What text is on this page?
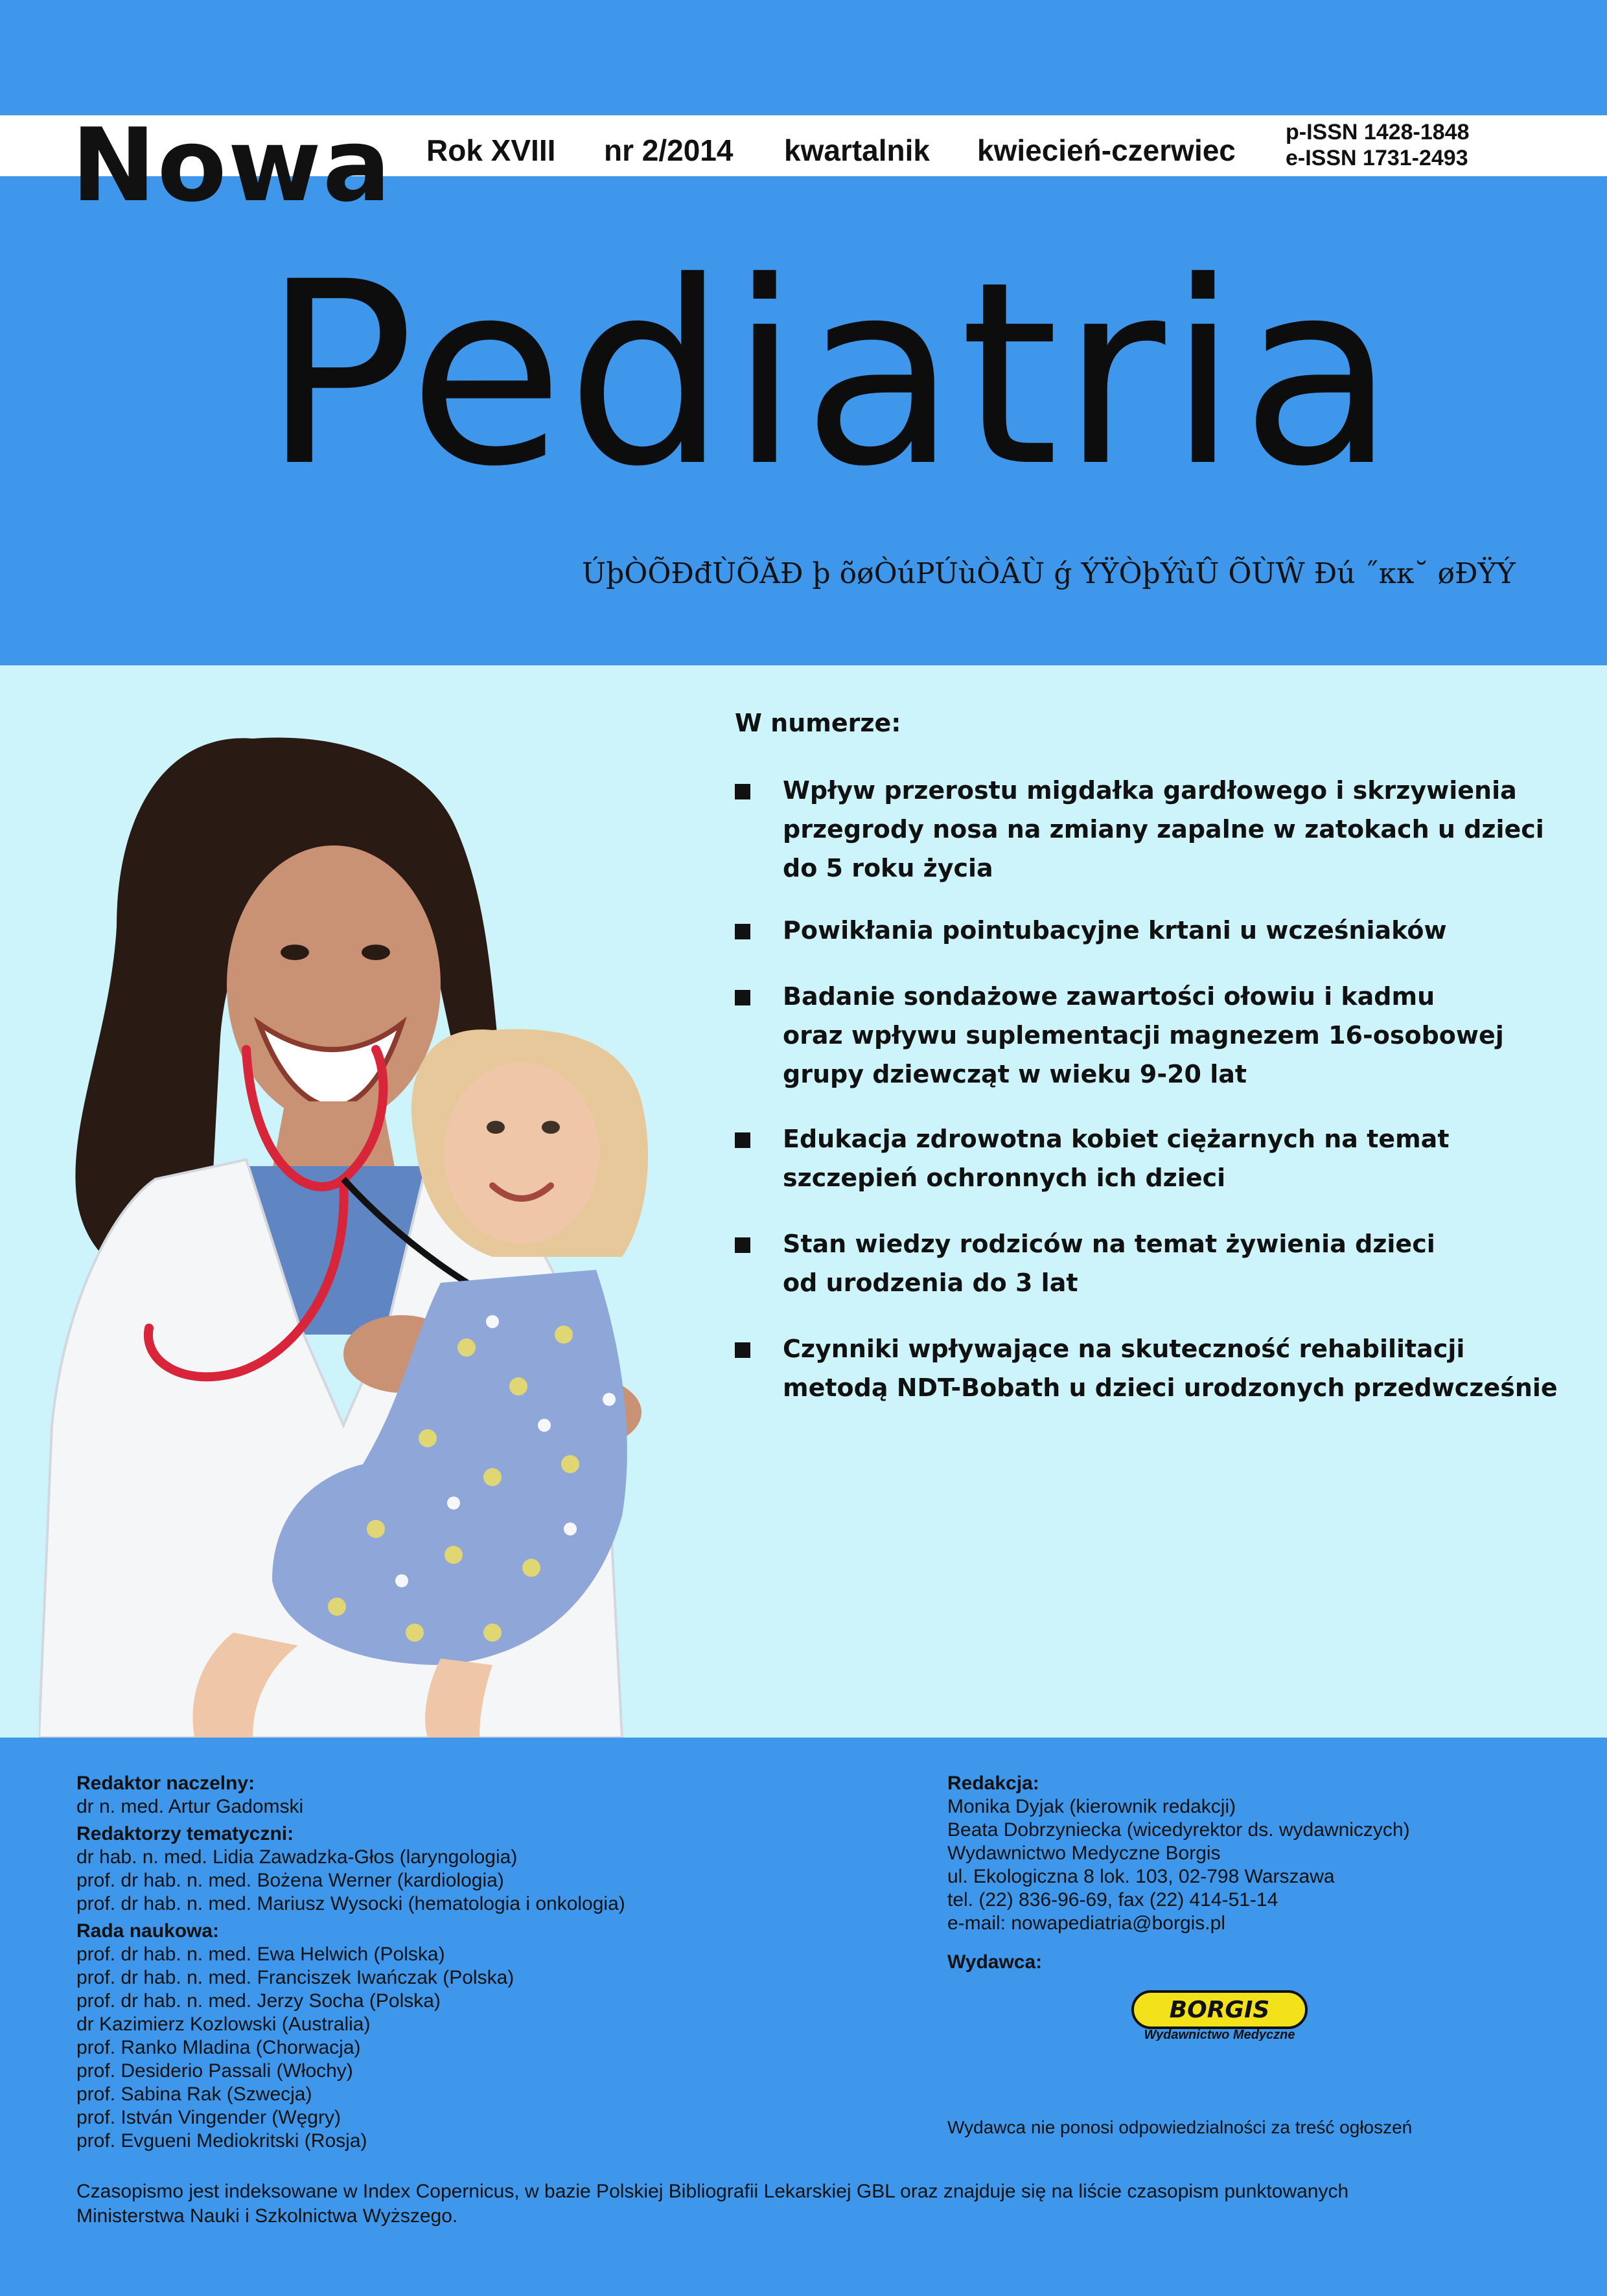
Nowa Rok XVIII nr 2/2014 kwartalnik kwiecień-czerwiec
p-ISSN 1428-1848
e-ISSN 1731-2493
Pediatria
ÚþÒÕĐđÙÕĂĐ þ õøÒúPÚùÒÂÙ ǵ ÝŸÒþÝùÛ ÕÙŴ Đú ˝ᴋᴋ˘ øĐŸÝ
W numerze:
Wpływ przerostu migdałka gardłowego i skrzywienia
przegrody nosa na zmiany zapalne w zatokach u dzieci
do 5 roku życia
Powikłania pointubacyjne krtani u wcześniaków
Badanie sondażowe zawartości ołowiu i kadmu
oraz wpływu suplementacji magnezem 16-osobowej
grupy dziewcząt w wieku 9-20 lat
Edukacja zdrowotna kobiet ciężarnych na temat
szczepień ochronnych ich dzieci
Stan wiedzy rodziców na temat żywienia dzieci
od urodzenia do 3 lat
Czynniki wpływające na skuteczność rehabilitacji
metodą NDT-Bobath u dzieci urodzonych przedwcześnie
Redaktor naczelny:
dr n. med. Artur Gadomski
Redaktorzy tematyczni:
dr hab. n. med. Lidia Zawadzka-Głos (laryngologia)
prof. dr hab. n. med. Bożena Werner (kardiologia)
prof. dr hab. n. med. Mariusz Wysocki (hematologia i onkologia)
Rada naukowa:
prof. dr hab. n. med. Ewa Helwich (Polska)
prof. dr hab. n. med. Franciszek Iwańczak (Polska)
prof. dr hab. n. med. Jerzy Socha (Polska)
dr Kazimierz Kozlowski (Australia)
prof. Ranko Mladina (Chorwacja)
prof. Desiderio Passali (Włochy)
prof. Sabina Rak (Szwecja)
prof. István Vingender (Węgry)
prof. Evgueni Mediokritski (Rosja)
Redakcja:
Monika Dyjak (kierownik redakcji)
Beata Dobrzyniecka (wicedyrektor ds. wydawniczych)
Wydawnictwo Medyczne Borgis
ul. Ekologiczna 8 lok. 103, 02-798 Warszawa
tel. (22) 836-96-69, fax (22) 414-51-14
e-mail: nowapediatria@borgis.pl
Wydawca:
BORGIS
Wydawnictwo Medyczne
Wydawca nie ponosi odpowiedzialności za treść ogłoszeń
Czasopismo jest indeksowane w Index Copernicus, w bazie Polskiej Bibliografii Lekarskiej GBL oraz znajduje się na liście czasopism punktowanych
Ministerstwa Nauki i Szkolnictwa Wyższego.
